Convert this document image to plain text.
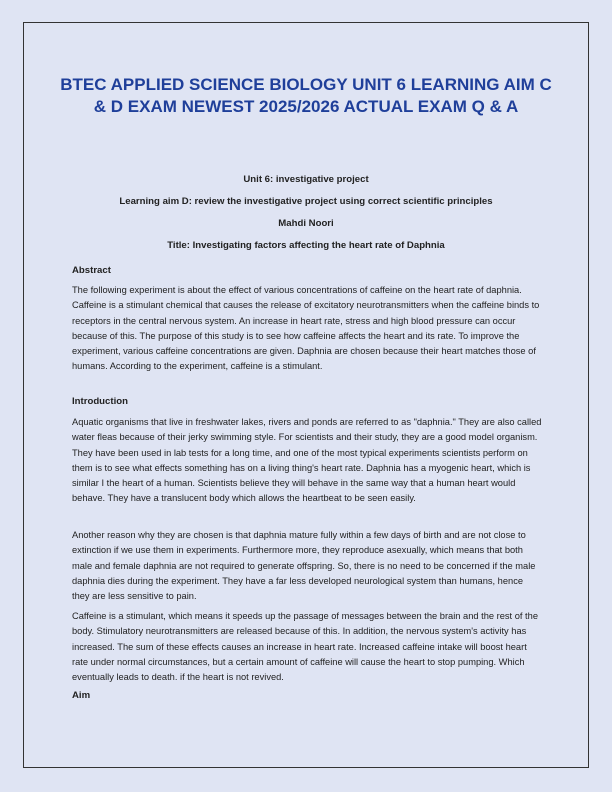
BTEC APPLIED SCIENCE BIOLOGY UNIT 6 LEARNING AIM C & D EXAM NEWEST 2025/2026 ACTUAL EXAM Q & A

Unit 6: investigative project

Learning aim D: review the investigative project using correct scientific principles

Mahdi Noori

Title: Investigating factors affecting the heart rate of Daphnia

Abstract

The following experiment is about the effect of various concentrations of caffeine on the heart rate of daphnia. Caffeine is a stimulant chemical that causes the release of excitatory neurotransmitters when the caffeine binds to receptors in the central nervous system. An increase in heart rate, stress and high blood pressure can occur because of this. The purpose of this study is to see how caffeine affects the heart and its rate. To improve the experiment, various caffeine concentrations are given. Daphnia are chosen because their heart matches those of humans. According to the experiment, caffeine is a stimulant.

Introduction

Aquatic organisms that live in freshwater lakes, rivers and ponds are referred to as "daphnia." They are also called water fleas because of their jerky swimming style. For scientists and their study, they are a good model organism. They have been used in lab tests for a long time, and one of the most typical experiments scientists perform on them is to see what effects something has on a living thing's heart rate. Daphnia has a myogenic heart, which is similar I the heart of a human. Scientists believe they will behave in the same way that a human heart would behave. They have a translucent body which allows the heartbeat to be seen easily.

Another reason why they are chosen is that daphnia mature fully within a few days of birth and are not close to extinction if we use them in experiments. Furthermore more, they reproduce asexually, which means that both male and female daphnia are not required to generate offspring. So, there is no need to be concerned if the male daphnia dies during the experiment. They have a far less developed neurological system than humans, hence they are less sensitive to pain.

Caffeine is a stimulant, which means it speeds up the passage of messages between the brain and the rest of the body. Stimulatory neurotransmitters are released because of this. In addition, the nervous system's activity has increased. The sum of these effects causes an increase in heart rate. Increased caffeine intake will boost heart rate under normal circumstances, but a certain amount of caffeine will cause the heart to stop pumping. Which eventually leads to death. if the heart is not revived.

Aim
